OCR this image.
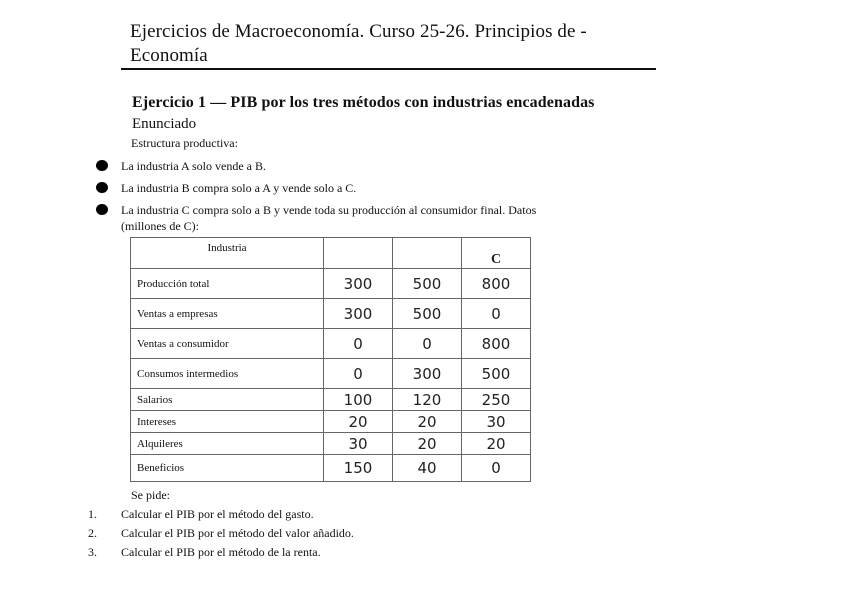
Ejercicios de Macroeconomía. Curso 25-26. Principios de -
Economía
Ejercicio 1 — PIB por los tres métodos con industrias encadenadas
Enunciado
Estructura productiva:
La industria A solo vende a B.
La industria B compra solo a A y vende solo a C.
La industria C compra solo a B y vende toda su producción al consumidor final. Datos
(millones de C):
Industria			C
Producción total	300	500	800
Ventas a empresas	300	500	0
Ventas a consumidor	0	0	800
Consumos intermedios	0	300	500
Salarios	100	120	250
Intereses	20	20	30
Alquileres	30	20	20
Beneficios	150	40	0
Se pide:
1. Calcular el PIB por el método del gasto.
2. Calcular el PIB por el método del valor añadido.
3. Calcular el PIB por el método de la renta.
